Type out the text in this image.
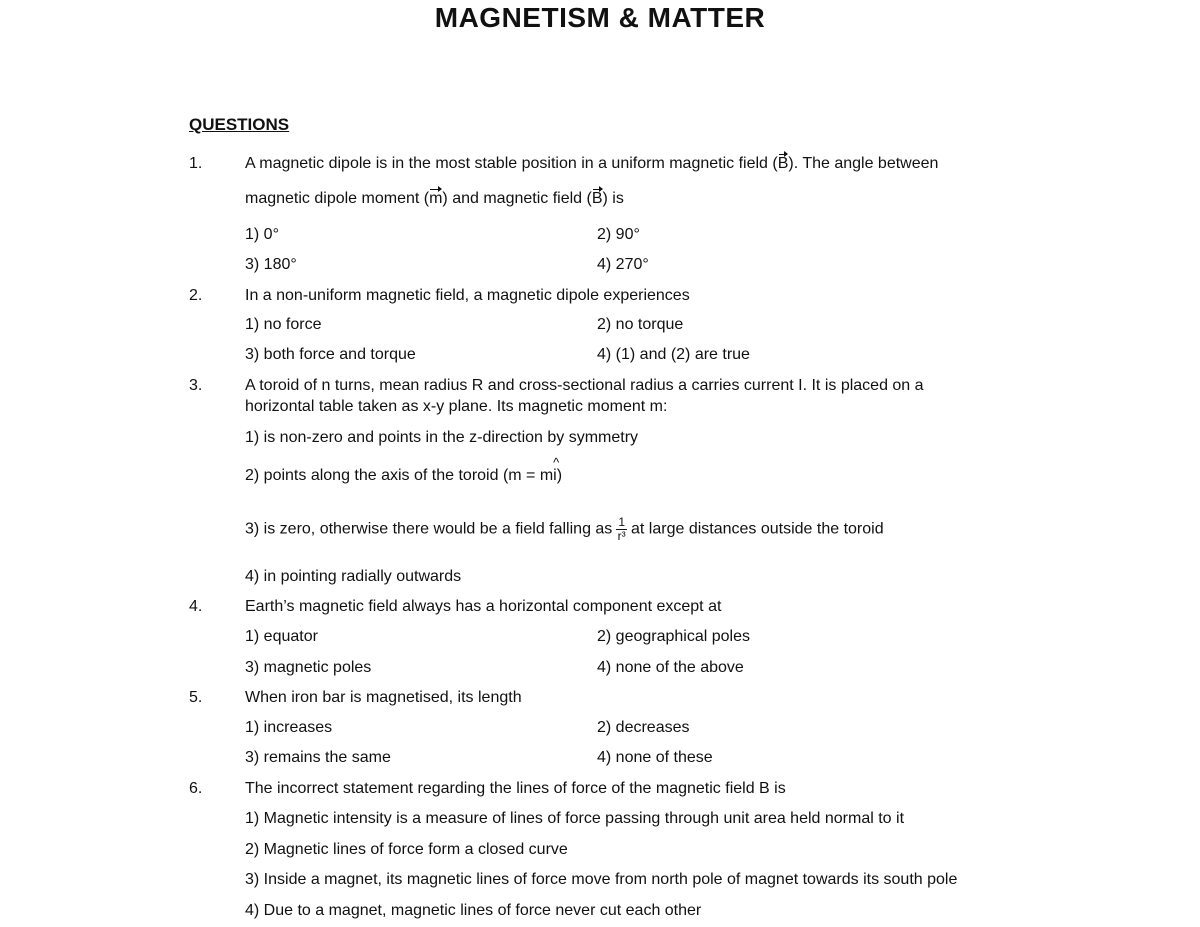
MAGNETISM & MATTER
QUESTIONS
1.	A magnetic dipole is in the most stable position in a uniform magnetic field (B). The angle between
magnetic dipole moment (m) and magnetic field (B) is
1) 0°	2) 90°
3) 180°	4) 270°
2.	In a non-uniform magnetic field, a magnetic dipole experiences
1) no force	2) no torque
3) both force and torque	4) (1) and (2) are true
3.	A toroid of n turns, mean radius R and cross-sectional radius a carries current I. It is placed on a
horizontal table taken as x-y plane. Its magnetic moment m:
1) is non-zero and points in the z-direction by symmetry
2) points along the axis of the toroid (m = m^ i)
3) is zero, otherwise there would be a field falling as $\frac{1}{\text{r³}}$ at large distances outside the toroid
4) in pointing radially outwards
4.	Earth’s magnetic field always has a horizontal component except at
1) equator	2) geographical poles
3) magnetic poles	4) none of the above
5.	When iron bar is magnetised, its length
1) increases	2) decreases
3) remains the same	4) none of these
6.	The incorrect statement regarding the lines of force of the magnetic field B is
1) Magnetic intensity is a measure of lines of force passing through unit area held normal to it
2) Magnetic lines of force form a closed curve
3) Inside a magnet, its magnetic lines of force move from north pole of magnet towards its south pole
4) Due to a magnet, magnetic lines of force never cut each other
